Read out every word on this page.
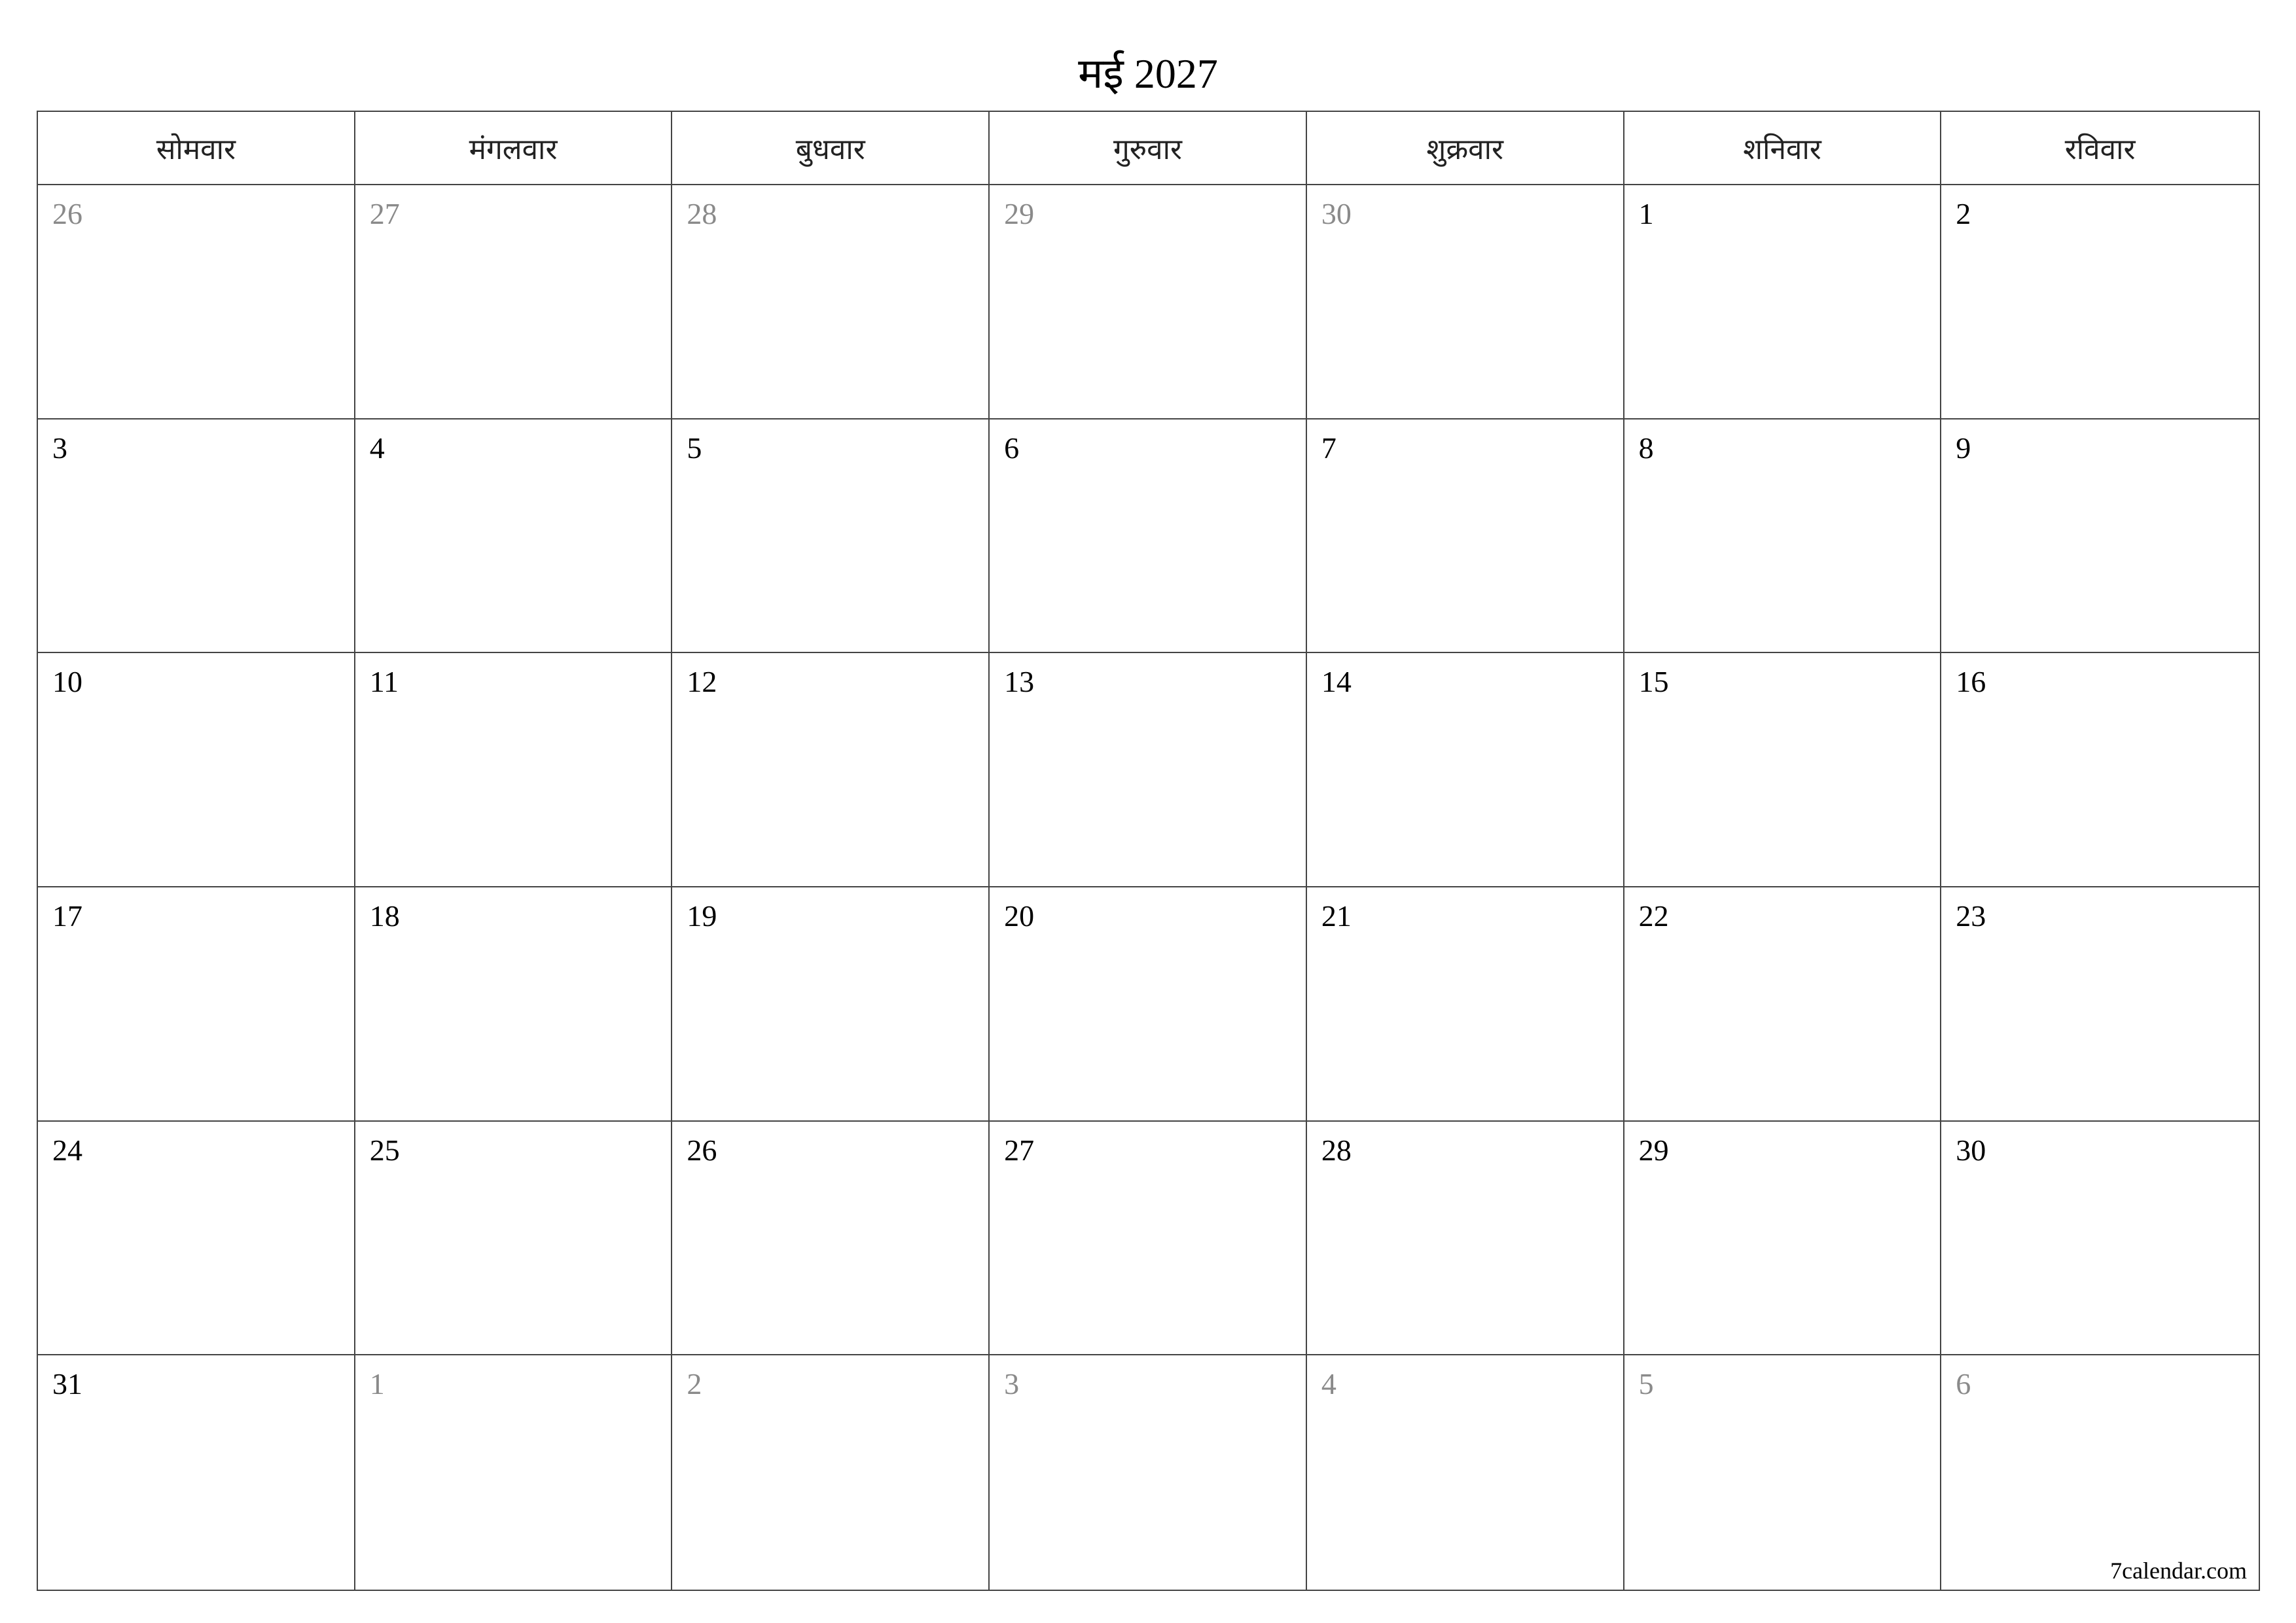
मई 2027
सोमवार	मंगलवार	बुधवार	गुरुवार	शुक्रवार	शनिवार	रविवार
26	27	28	29	30	1	2
3	4	5	6	7	8	9
10	11	12	13	14	15	16
17	18	19	20	21	22	23
24	25	26	27	28	29	30
31	1	2	3	4	5	6
7calendar.com
